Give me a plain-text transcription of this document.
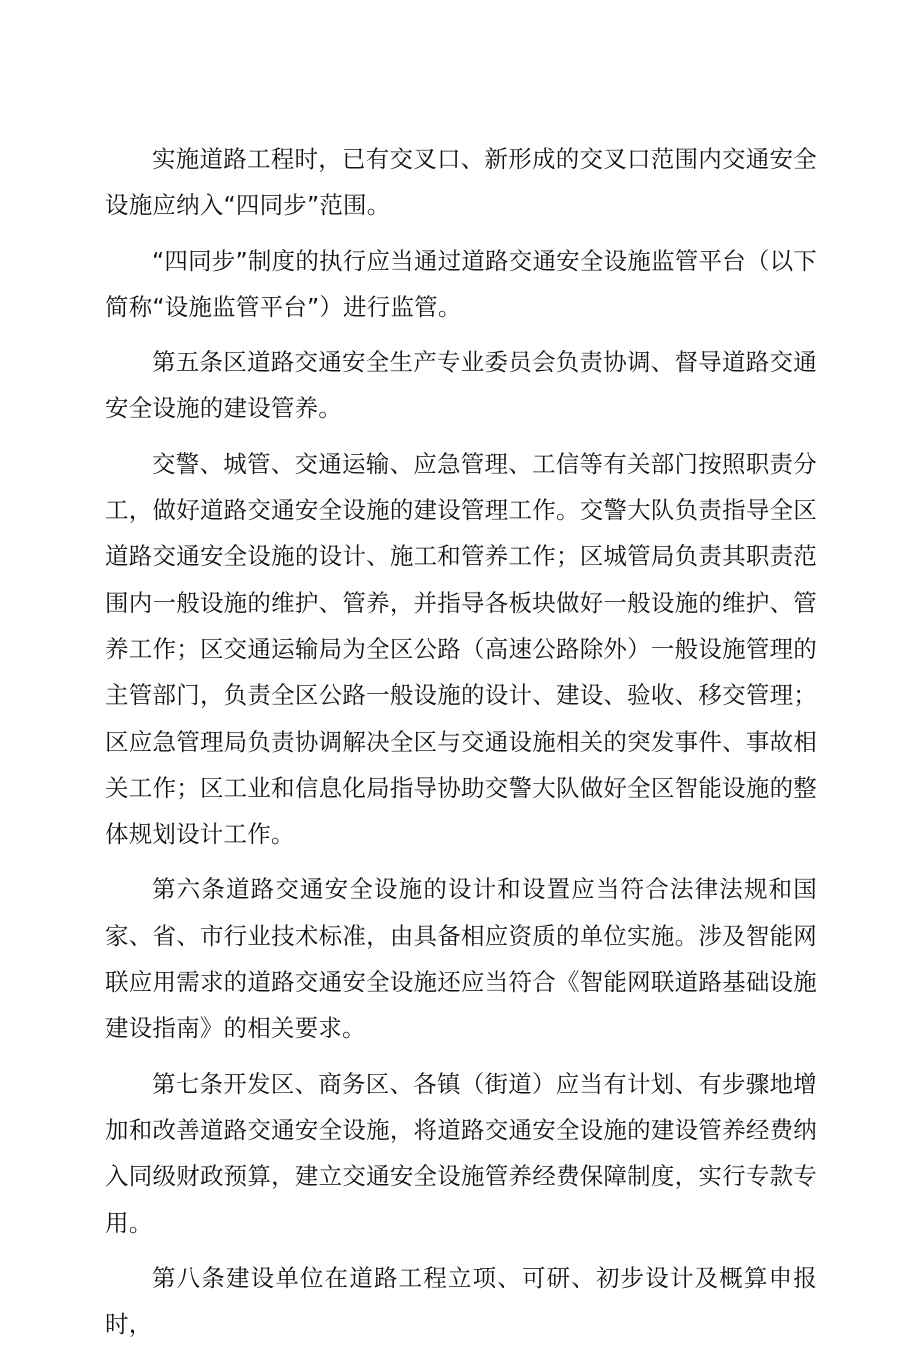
实施道路工程时，已有交叉口、新形成的交叉口范围内交通安全设施应纳入“四同步”范围。

“四同步”制度的执行应当通过道路交通安全设施监管平台（以下简称“设施监管平台”）进行监管。

第五条区道路交通安全生产专业委员会负责协调、督导道路交通安全设施的建设管养。

交警、城管、交通运输、应急管理、工信等有关部门按照职责分工，做好道路交通安全设施的建设管理工作。交警大队负责指导全区道路交通安全设施的设计、施工和管养工作；区城管局负责其职责范围内一般设施的维护、管养，并指导各板块做好一般设施的维护、管养工作；区交通运输局为全区公路（高速公路除外）一般设施管理的主管部门，负责全区公路一般设施的设计、建设、验收、移交管理；区应急管理局负责协调解决全区与交通设施相关的突发事件、事故相关工作；区工业和信息化局指导协助交警大队做好全区智能设施的整体规划设计工作。

第六条道路交通安全设施的设计和设置应当符合法律法规和国家、省、市行业技术标准，由具备相应资质的单位实施。涉及智能网联应用需求的道路交通安全设施还应当符合《智能网联道路基础设施建设指南》的相关要求。

第七条开发区、商务区、各镇（街道）应当有计划、有步骤地增加和改善道路交通安全设施，将道路交通安全设施的建设管养经费纳入同级财政预算，建立交通安全设施管养经费保障制度，实行专款专用。

第八条建设单位在道路工程立项、可研、初步设计及概算申报时，
